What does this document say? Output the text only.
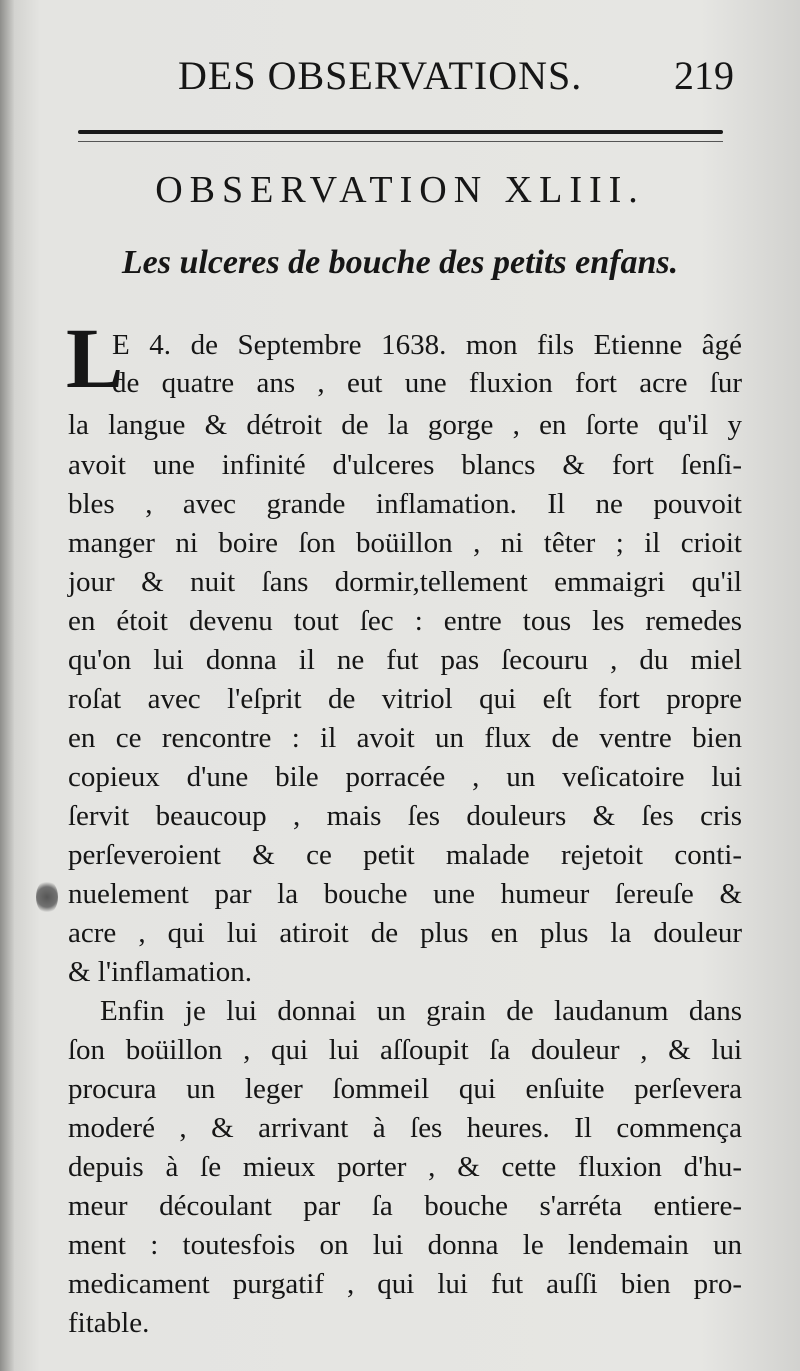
DES OBSERVATIONS. 219
OBSERVATION XLIII.
Les ulceres de bouche des petits enfans.
L
E 4. de Septembre 1638. mon fils Etienne âgé
de quatre ans , eut une fluxion fort acre ſur
la langue & détroit de la gorge , en ſorte qu'il y
avoit une infinité d'ulceres blancs & fort ſenſi-
bles , avec grande inflamation. Il ne pouvoit
manger ni boire ſon boüillon , ni têter ; il crioit
jour & nuit ſans dormir,tellement emmaigri qu'il
en étoit devenu tout ſec : entre tous les remedes
qu'on lui donna il ne fut pas ſecouru , du miel
roſat avec l'eſprit de vitriol qui eſt fort propre
en ce rencontre : il avoit un flux de ventre bien
copieux d'une bile porracée , un veſicatoire lui
ſervit beaucoup , mais ſes douleurs & ſes cris
perſeveroient & ce petit malade rejetoit conti-
nuelement par la bouche une humeur ſereuſe &
acre , qui lui atiroit de plus en plus la douleur
& l'inflamation.
Enfin je lui donnai un grain de laudanum dans
ſon boüillon , qui lui aſſoupit ſa douleur , & lui
procura un leger ſommeil qui enſuite perſevera
moderé , & arrivant à ſes heures. Il commença
depuis à ſe mieux porter , & cette fluxion d'hu-
meur découlant par ſa bouche s'arréta entiere-
ment : toutesfois on lui donna le lendemain un
medicament purgatif , qui lui fut auſſi bien pro-
fitable.
